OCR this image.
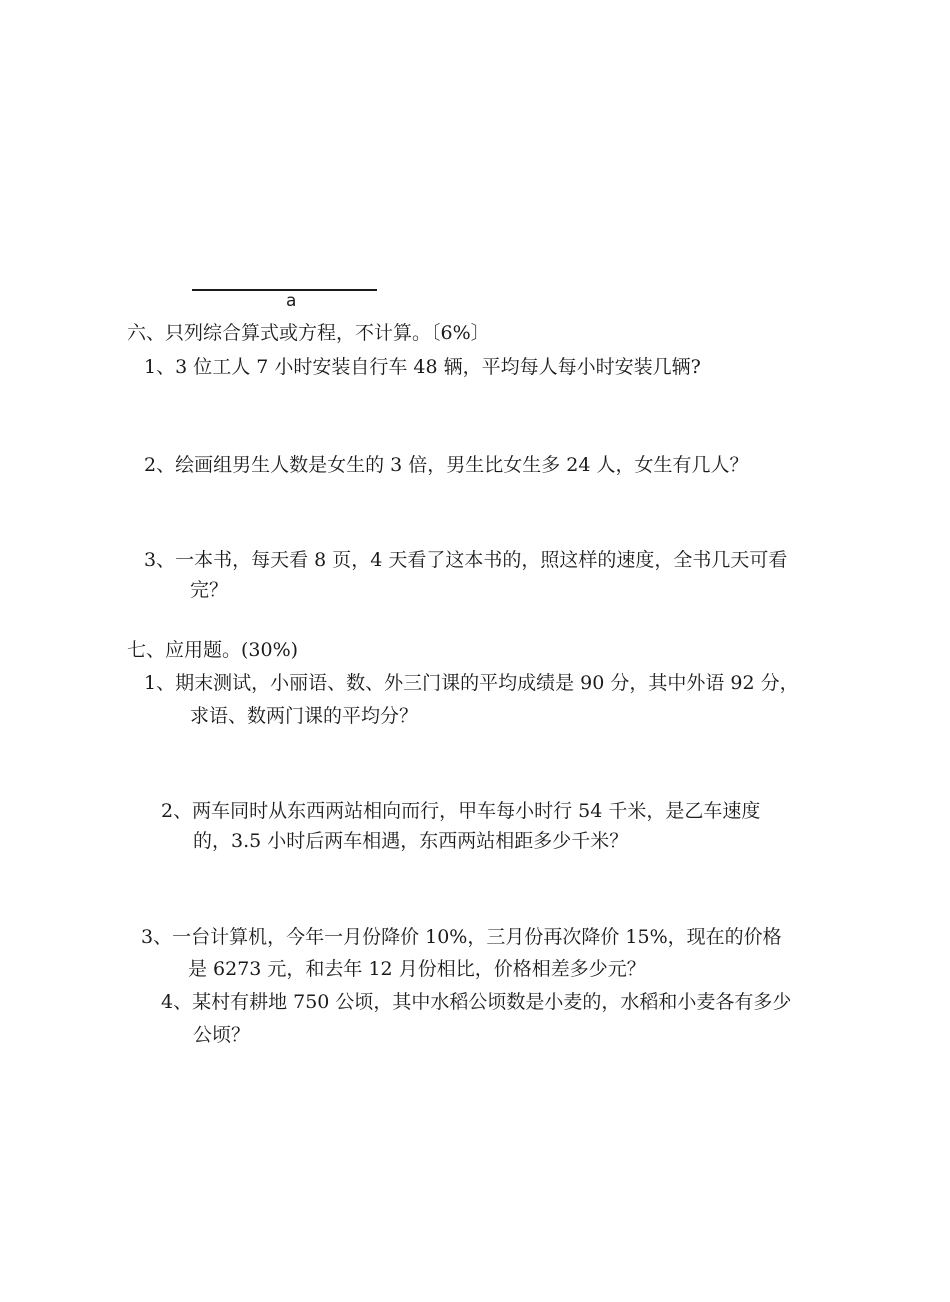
a
六、只列综合算式或方程，不计算。〔6%〕
1、3 位工人 7 小时安装自行车 48 辆，平均每人每小时安装几辆?
2、绘画组男生人数是女生的 3 倍，男生比女生多 24 人，女生有几人？
3、一本书，每天看 8 页，4 天看了这本书的，照这样的速度，全书几天可看
完？
七、应用题。(30%)
1、期末测试，小丽语、数、外三门课的平均成绩是 90 分，其中外语 92 分，
求语、数两门课的平均分？
2、两车同时从东西两站相向而行，甲车每小时行 54 千米，是乙车速度
的，3.5 小时后两车相遇，东西两站相距多少千米？
3、一台计算机，今年一月份降价 10%，三月份再次降价 15%，现在的价格
是 6273 元，和去年 12 月份相比，价格相差多少元？
4、某村有耕地 750 公顷，其中水稻公顷数是小麦的，水稻和小麦各有多少
公顷？
